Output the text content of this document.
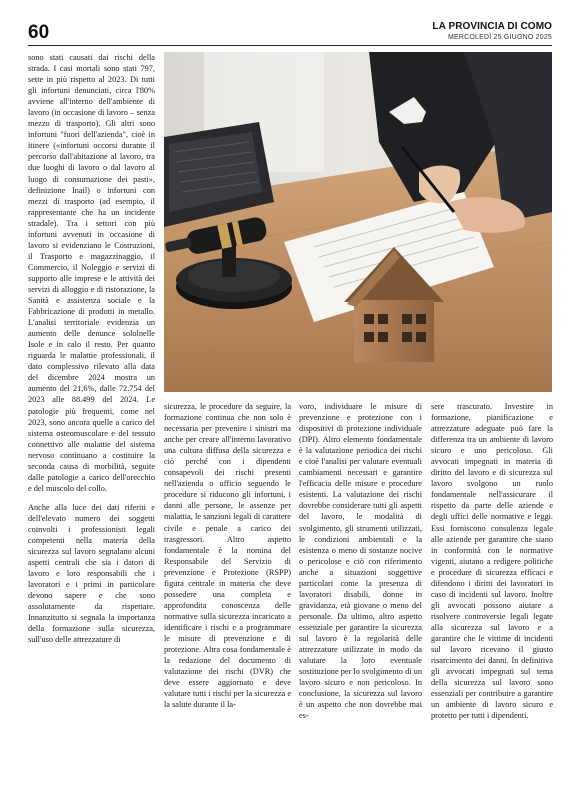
60	LA PROVINCIA DI COMO
MERCOLEDÌ 25 GIUGNO 2025

sono stati causati dai rischi della strada. I casi mortali sono stati 797, sette in più rispetto al 2023. Di tutti gli infortuni denunciati, circa l'80% avviene all'interno dell'ambiente di lavoro (in occasione di lavoro – senza mezzo di trasporto). Gli altri sono infortuni "fuori dell'azienda", cioè in itinere («infortuni occorsi durante il percorso dall'abitazione al lavoro, tra due luoghi di lavoro o dal lavoro al luogo di consumazione dei pasti», definizione Inail) o infortuni con mezzi di trasporto (ad esempio, il rappresentante che ha un incidente stradale). Tra i settori con più infortuni avvenuti in occasione di lavoro si evidenziano le Costruzioni, il Trasporto e magazzinaggio, il Commercio, il Noleggio e servizi di supporto alle imprese e le attività dei servizi di alloggio e di ristorazione, la Sanità e assistenza sociale e la Fabbricazione di prodotti in metallo. L'analisi territoriale evidenzia un aumento delle denunce sololnelle Isole e in calo il resto. Per quanto riguarda le malattie professionali, il dato complessivo rilevato alla data del dicembre 2024 mostra un aumento del 21,6%, dalle 72.754 del 2023 alle 88.499 del 2024. Le patologie più frequenti, come nel 2023, sono ancora quelle a carico del sistema osteomuscolare e del tessuto connettivo alle malattie del sistema nervoso continuano a costituire la seconda causa di morbilità, seguite dalle patologie a carico dell'orecchio e del muscolo del collo.

Anche alla luce dei dati riferiti e dell'elevato numero dei soggetti coinvolti i professionisti legali competenti nella materia della sicurezza sul lavoro segnalano alcuni aspetti centrali che sia i datori di lavoro e loro responsabili che i lavoratori e i primi in particolare devono sapere e che sono assolutamente da rispettare. Innanzitutto si segnala la importanza della formazione sulla sicurezza, sull'uso delle attrezzature di

sicurezza, le procedure da seguire, la formazione continua che non solo è necessaria per prevenire i sinistri ma anche per creare all'interno lavorativo una cultura diffusa della sicurezza e ciò perché con i dipendenti consapevoli dei rischi presenti nell'azienda o ufficio seguendo le procedure si riducono gli infortuni, i danni alle persone, le assenze per malattia, le sanzioni legali di carattere civile e penale a carico dei trasgressori. Altro aspetto fondamentale è la nomina del Responsabile del Servizio di prevenzione e Protezione (RSPP) figura centrale in materia che deve possedere una completa e approfondita conoscenza delle normative sulla sicurezza incaricato a identificare i rischi e a programmare le misure di prevenzione e di protezione. Altra cosa fondamentale è la redazione del documento di valutazione dei rischi (DVR) che deve essere aggiornato e deve valutare tutti i rischi per la sicurezza e la salute durante il la-

voro, individuare le misure di prevenzione e protezione con i dispositivi di protezione individuale (DPI). Altro elemento fondamentale è la valutazione periodica dei rischi e cioè l'analisi per valutare eventuali cambiamenti necessari e garantire l'efficacia delle misure e procedure esistenti. La valutazione dei rischi dovrebbe considerare tutti gli aspetti del lavoro, le modalità di svolgimento, gli strumenti utilizzati, le condizioni ambientali e la esistenza o meno di sostanze nocive o pericolose e ciò con riferimento anche a situazioni soggettive particolari come la presenza di lavoratori disabili, donne in gravidanza, età giovane o meno del personale. Da ultimo, altro aspetto essenziale per garantire la sicurezza sul lavoro è la regolarità delle attrezzature utilizzate in modo da valutare la loro eventuale sostituzione per lo svolgimento di un lavoro sicuro e non pericoloso. In conclusione, la sicurezza sul lavoro è un aspetto che non dovrebbe mai es-

sere trascurato. Investire in formazione, pianificazione e attrezzature adeguate può fare la differenza tra un ambiente di lavoro sicuro e uno pericoloso. Gli avvocati impegnati in materia di diritto del lavoro e di sicurezza sul lavoro svolgono un ruolo fondamentale nell'assicurare il rispetto da parte delle aziende e degli uffici delle normative e leggi. Essi forniscono consulenza legale alle aziende per garantire che siano in conformità con le normative vigenti, aiutano a redigere politiche e procedure di sicurezza efficaci e difendono i diritti dei lavoratori in caso di incidenti sul lavoro. Inoltre gli avvocati possono aiutare a risolvere controversie legali legate alla sicurezza sul lavoro e a garantire che le vittime di incidenti sul lavoro ricevano il giusto risarcimento dei danni. In definitiva gli avvocati impegnati sul tema della sicurezza sul lavoro sono essenziali per contribuire a garantire un ambiente di lavoro sicuro e protetto per tutti i dipendenti.
